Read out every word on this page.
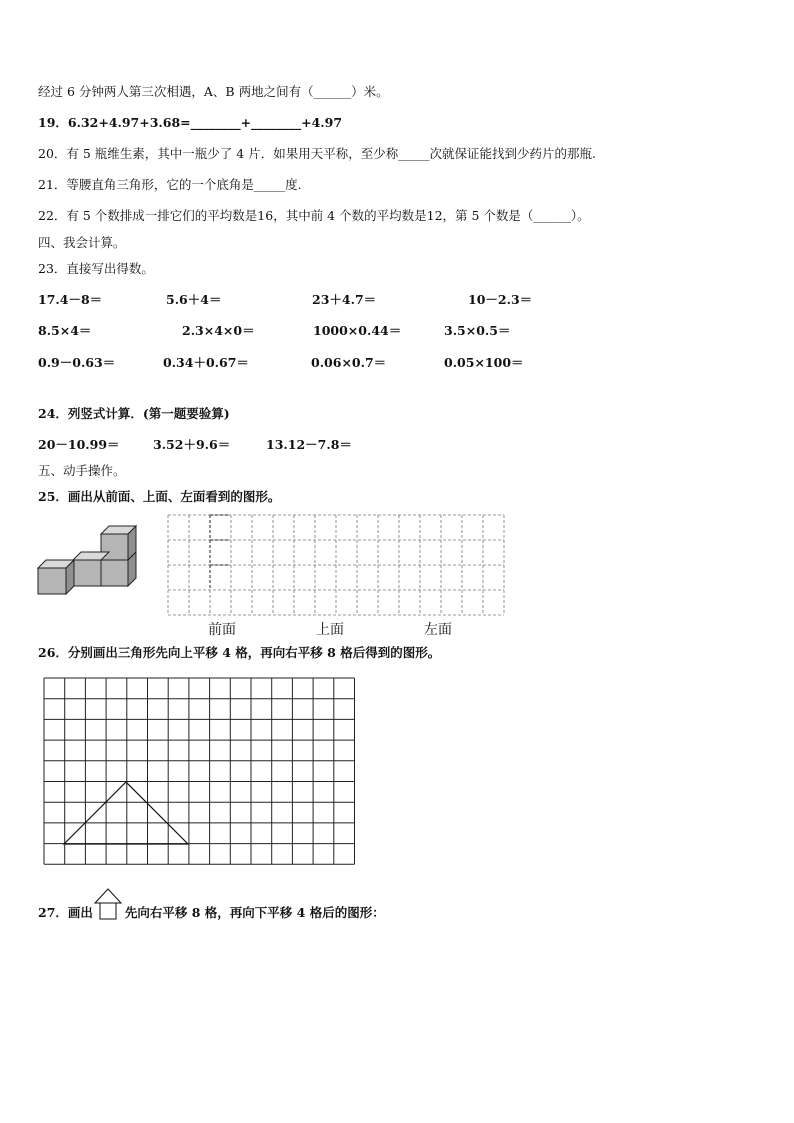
经过 6 分钟两人第三次相遇，A、B 两地之间有（______）米。
19．6.32+4.97+3.68=________+________+4.97
20．有 5 瓶维生素，其中一瓶少了 4 片．如果用天平称，至少称_____次就保证能找到少药片的那瓶.
21．等腰直角三角形，它的一个底角是_____度.
22．有 5 个数排成一排它们的平均数是16，其中前 4 个数的平均数是12，第 5 个数是（______）。
四、我会计算。
23．直接写出得数。
17.4－8＝	5.6＋4＝	23＋4.7＝	10－2.3＝
8.5×4＝	2.3×4×0＝	1000×0.44＝	3.5×0.5＝
0.9－0.63＝	0.34＋0.67＝	0.06×0.7＝	0.05×100＝
24．列竖式计算．(第一题要验算)
20－10.99＝	3.52＋9.6＝	13.12－7.8＝
五、动手操作。
25．画出从前面、上面、左面看到的图形。
前面	上面	左面
26．分别画出三角形先向上平移 4 格，再向右平移 8 格后得到的图形。
27．画出	先向右平移 8 格，再向下平移 4 格后的图形：
